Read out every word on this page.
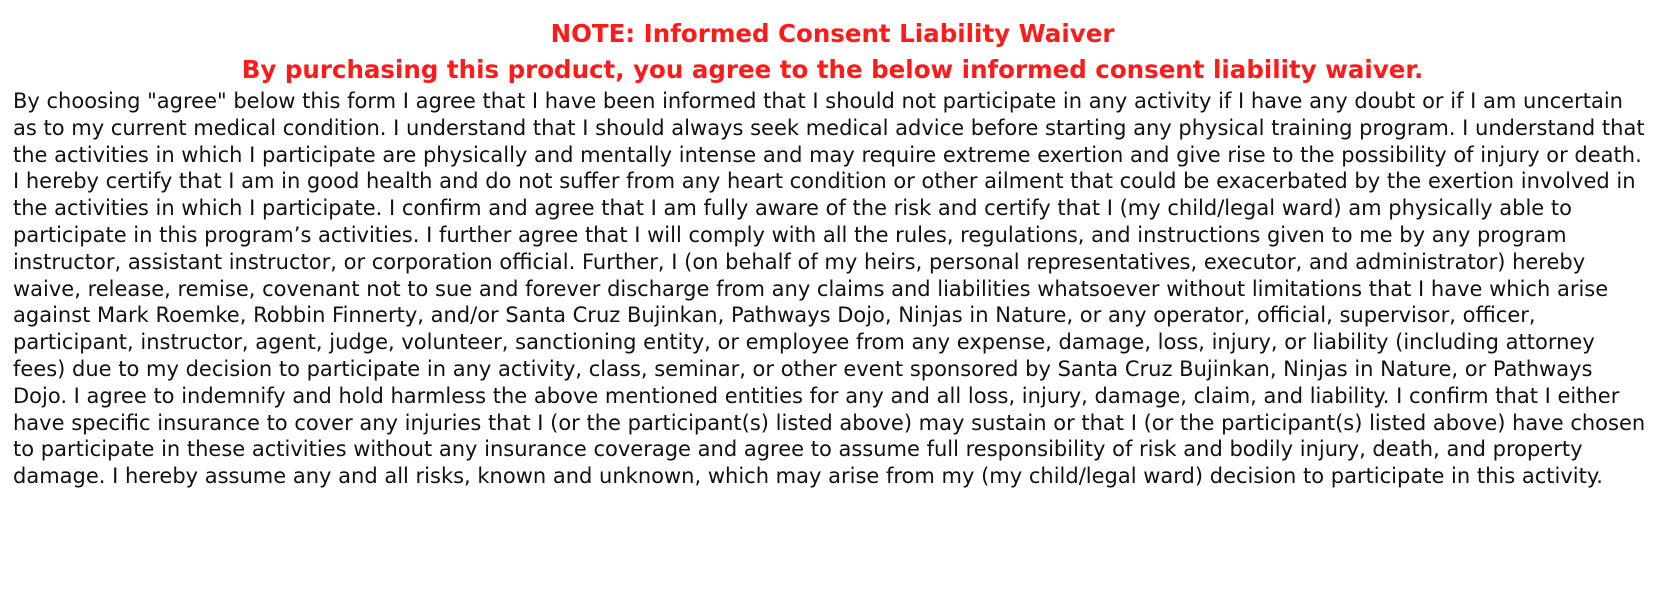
NOTE: Informed Consent Liability Waiver
By purchasing this product, you agree to the below informed consent liability waiver.

By choosing "agree" below this form I agree that I have been informed that I should not participate in any activity if I have any doubt or if I am uncertain as to my current medical condition. I understand that I should always seek medical advice before starting any physical training program. I understand that the activities in which I participate are physically and mentally intense and may require extreme exertion and give rise to the possibility of injury or death. I hereby certify that I am in good health and do not suffer from any heart condition or other ailment that could be exacerbated by the exertion involved in the activities in which I participate. I confirm and agree that I am fully aware of the risk and certify that I (my child/legal ward) am physically able to participate in this program’s activities. I further agree that I will comply with all the rules, regulations, and instructions given to me by any program instructor, assistant instructor, or corporation official. Further, I (on behalf of my heirs, personal representatives, executor, and administrator) hereby waive, release, remise, covenant not to sue and forever discharge from any claims and liabilities whatsoever without limitations that I have which arise against Mark Roemke, Robbin Finnerty, and/or Santa Cruz Bujinkan, Pathways Dojo, Ninjas in Nature, or any operator, official, supervisor, officer, participant, instructor, agent, judge, volunteer, sanctioning entity, or employee from any expense, damage, loss, injury, or liability (including attorney fees) due to my decision to participate in any activity, class, seminar, or other event sponsored by Santa Cruz Bujinkan, Ninjas in Nature, or Pathways Dojo. I agree to indemnify and hold harmless the above mentioned entities for any and all loss, injury, damage, claim, and liability. I confirm that I either have specific insurance to cover any injuries that I (or the participant(s) listed above) may sustain or that I (or the participant(s) listed above) have chosen to participate in these activities without any insurance coverage and agree to assume full responsibility of risk and bodily injury, death, and property damage. I hereby assume any and all risks, known and unknown, which may arise from my (my child/legal ward) decision to participate in this activity.
